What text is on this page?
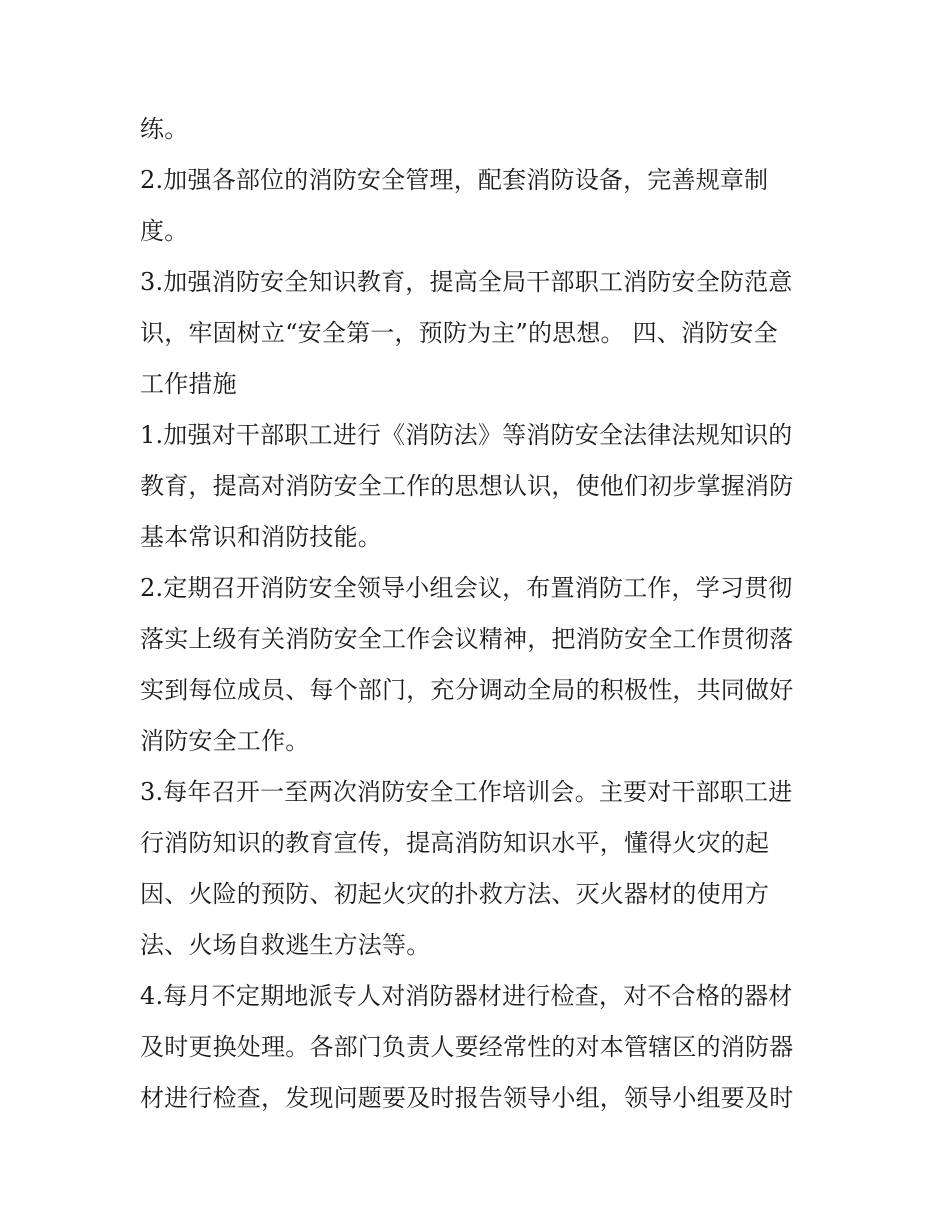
练。
2.加强各部位的消防安全管理，配套消防设备，完善规章制
度。
3.加强消防安全知识教育，提高全局干部职工消防安全防范意
识，牢固树立“安全第一，预防为主”的思想。 四、消防安全
工作措施
1.加强对干部职工进行《消防法》等消防安全法律法规知识的
教育，提高对消防安全工作的思想认识，使他们初步掌握消防
基本常识和消防技能。
2.定期召开消防安全领导小组会议，布置消防工作，学习贯彻
落实上级有关消防安全工作会议精神，把消防安全工作贯彻落
实到每位成员、每个部门，充分调动全局的积极性，共同做好
消防安全工作。
3.每年召开一至两次消防安全工作培训会。主要对干部职工进
行消防知识的教育宣传，提高消防知识水平，懂得火灾的起
因、火险的预防、初起火灾的扑救方法、灭火器材的使用方
法、火场自救逃生方法等。
4.每月不定期地派专人对消防器材进行检查，对不合格的器材
及时更换处理。各部门负责人要经常性的对本管辖区的消防器
材进行检查，发现问题要及时报告领导小组，领导小组要及时
